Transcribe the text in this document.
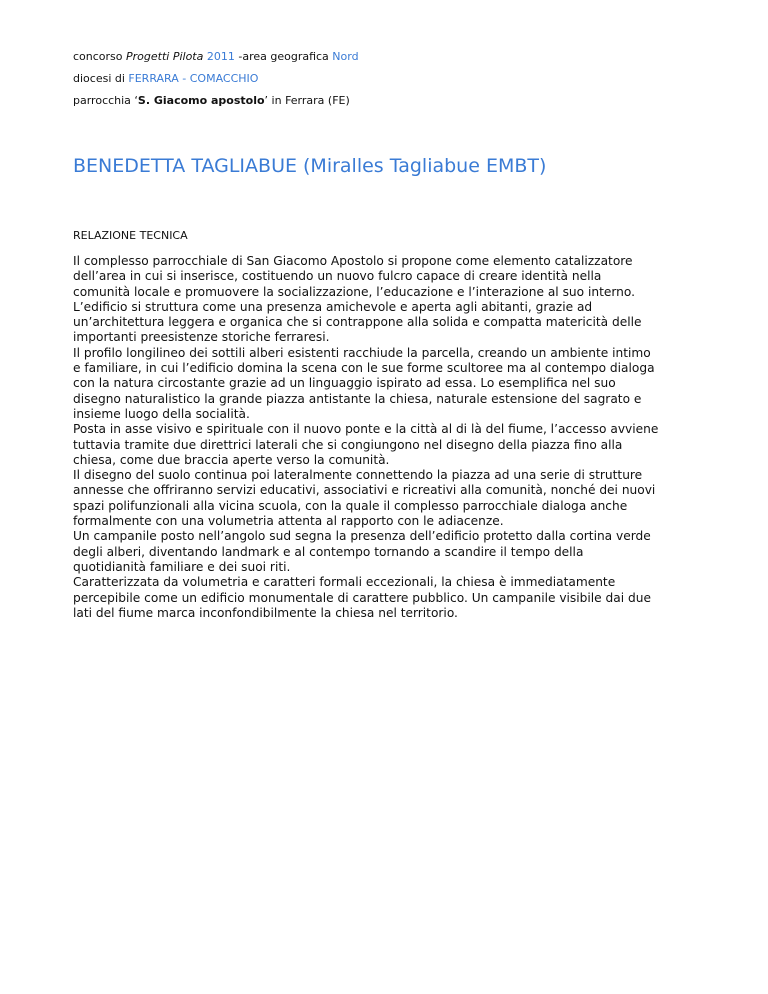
concorso Progetti Pilota 2011 -area geografica Nord

diocesi di FERRARA - COMACCHIO

parrocchia ‘S. Giacomo apostolo’ in Ferrara (FE)

BENEDETTA TAGLIABUE (Miralles Tagliabue EMBT)
RELAZIONE TECNICA

Il complesso parrocchiale di San Giacomo Apostolo si propone come elemento catalizzatore
dell’area in cui si inserisce, costituendo un nuovo fulcro capace di creare identità nella
comunità locale e promuovere la socializzazione, l’educazione e l’interazione al suo interno.
L’edificio si struttura come una presenza amichevole e aperta agli abitanti, grazie ad
un’architettura leggera e organica che si contrappone alla solida e compatta matericità delle
importanti preesistenze storiche ferraresi.
Il profilo longilineo dei sottili alberi esistenti racchiude la parcella, creando un ambiente intimo
e familiare, in cui l’edificio domina la scena con le sue forme scultoree ma al contempo dialoga
con la natura circostante grazie ad un linguaggio ispirato ad essa. Lo esemplifica nel suo
disegno naturalistico la grande piazza antistante la chiesa, naturale estensione del sagrato e
insieme luogo della socialità.
Posta in asse visivo e spirituale con il nuovo ponte e la città al di là del fiume, l’accesso avviene
tuttavia tramite due direttrici laterali che si congiungono nel disegno della piazza fino alla
chiesa, come due braccia aperte verso la comunità.
Il disegno del suolo continua poi lateralmente connettendo la piazza ad una serie di strutture
annesse che offriranno servizi educativi, associativi e ricreativi alla comunità, nonché dei nuovi
spazi polifunzionali alla vicina scuola, con la quale il complesso parrocchiale dialoga anche
formalmente con una volumetria attenta al rapporto con le adiacenze.
Un campanile posto nell’angolo sud segna la presenza dell’edificio protetto dalla cortina verde
degli alberi, diventando landmark e al contempo tornando a scandire il tempo della
quotidianità familiare e dei suoi riti.
Caratterizzata da volumetria e caratteri formali eccezionali, la chiesa è immediatamente
percepibile come un edificio monumentale di carattere pubblico. Un campanile visibile dai due
lati del fiume marca inconfondibilmente la chiesa nel territorio.
